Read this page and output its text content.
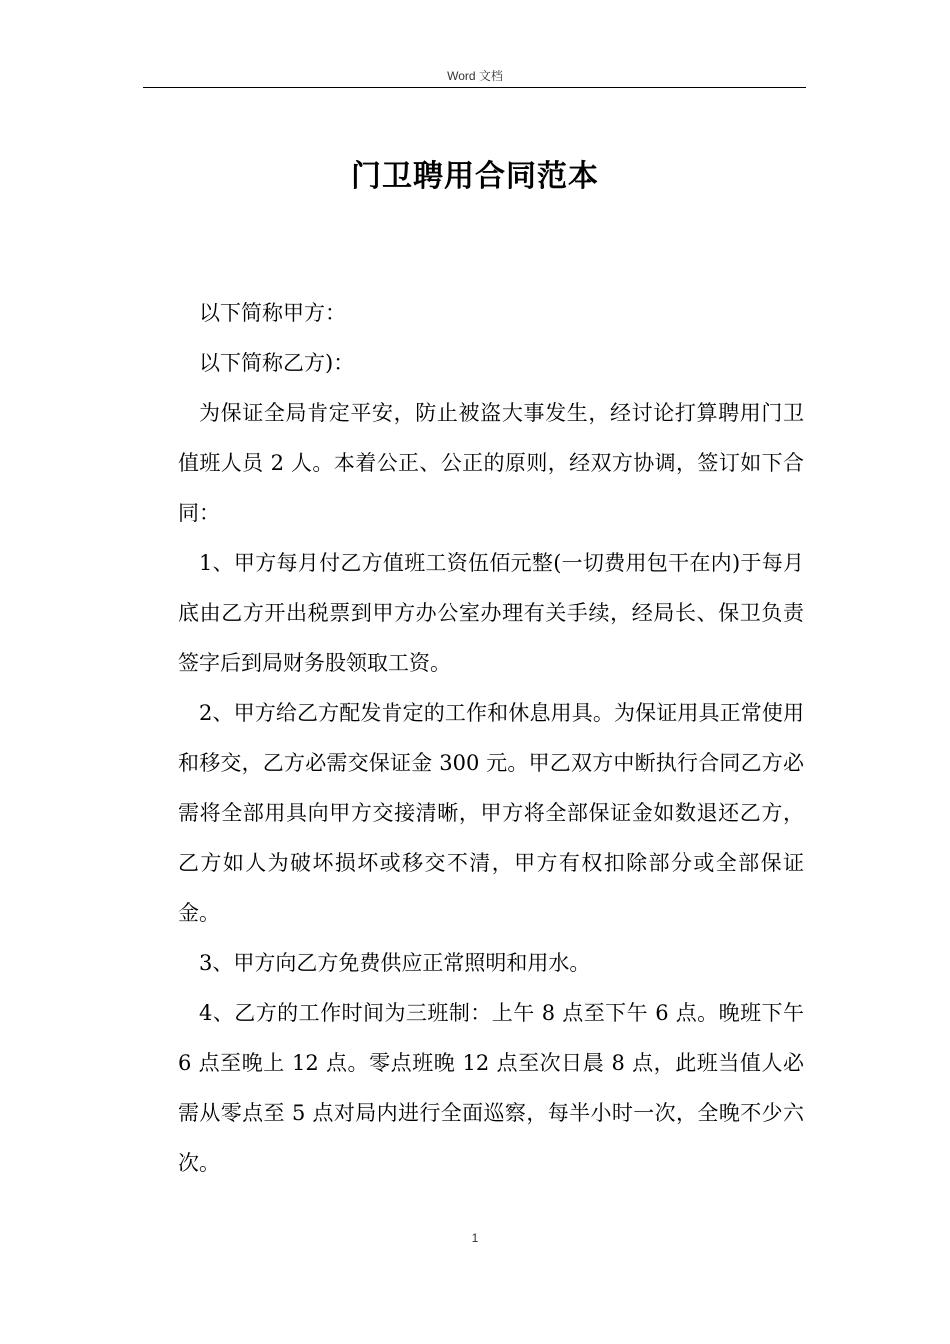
Word 文档
门卫聘用合同范本

以下简称甲方：

以下简称乙方)：

为保证全局肯定平安，防止被盗大事发生，经讨论打算聘用门卫值班人员 2 人。本着公正、公正的原则，经双方协调，签订如下合同：

1、甲方每月付乙方值班工资伍佰元整(一切费用包干在内)于每月底由乙方开出税票到甲方办公室办理有关手续，经局长、保卫负责签字后到局财务股领取工资。

2、甲方给乙方配发肯定的工作和休息用具。为保证用具正常使用和移交，乙方必需交保证金 300 元。甲乙双方中断执行合同乙方必需将全部用具向甲方交接清晰，甲方将全部保证金如数退还乙方，乙方如人为破坏损坏或移交不清，甲方有权扣除部分或全部保证金。

3、甲方向乙方免费供应正常照明和用水。

4、乙方的工作时间为三班制：上午 8 点至下午 6 点。晚班下午 6 点至晚上 12 点。零点班晚 12 点至次日晨 8 点，此班当值人必需从零点至 5 点对局内进行全面巡察，每半小时一次，全晚不少六次。

1
